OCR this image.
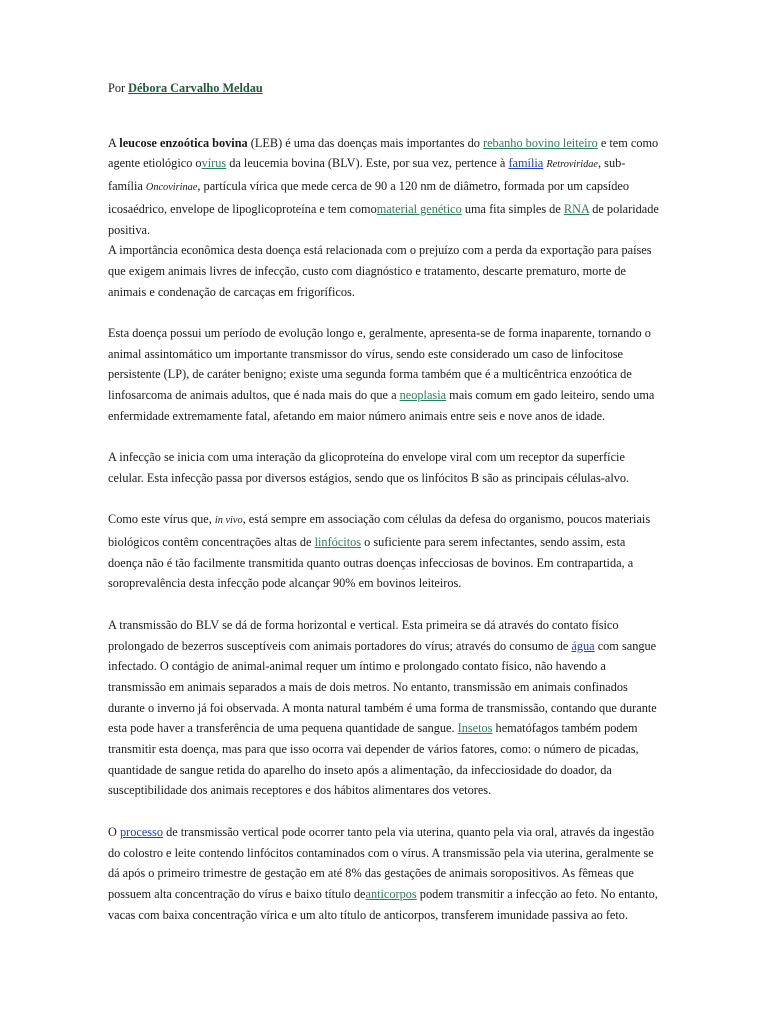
Por Débora Carvalho Meldau

A leucose enzoótica bovina (LEB) é uma das doenças mais importantes do rebanho bovino leiteiro e tem como agente etiológico ovírus da leucemia bovina (BLV). Este, por sua vez, pertence à família Retroviridae, sub-família Oncovirinae, partícula vírica que mede cerca de 90 a 120 nm de diâmetro, formada por um capsídeo icosaédrico, envelope de lipoglicoproteína e tem comomaterial genético uma fita simples de RNA de polaridade positiva.

A importância econômica desta doença está relacionada com o prejuízo com a perda da exportação para países que exigem animais livres de infecção, custo com diagnóstico e tratamento, descarte prematuro, morte de animais e condenação de carcaças em frigoríficos.

Esta doença possui um período de evolução longo e, geralmente, apresenta-se de forma inaparente, tornando o animal assintomático um importante transmissor do vírus, sendo este considerado um caso de linfocitose persistente (LP), de caráter benigno; existe uma segunda forma também que é a multicêntrica enzoótica de linfosarcoma de animais adultos, que é nada mais do que a neoplasia mais comum em gado leiteiro, sendo uma enfermidade extremamente fatal, afetando em maior número animais entre seis e nove anos de idade.

A infecção se inicia com uma interação da glicoproteína do envelope viral com um receptor da superfície celular. Esta infecção passa por diversos estágios, sendo que os linfócitos B são as principais células-alvo.

Como este vírus que, in vivo, está sempre em associação com células da defesa do organismo, poucos materiais biológicos contêm concentrações altas de linfócitos o suficiente para serem infectantes, sendo assim, esta doença não é tão facilmente transmitida quanto outras doenças infecciosas de bovinos. Em contrapartida, a soroprevalência desta infecção pode alcançar 90% em bovinos leiteiros.

A transmissão do BLV se dá de forma horizontal e vertical. Esta primeira se dá através do contato físico prolongado de bezerros susceptíveis com animais portadores do vírus; através do consumo de água com sangue infectado. O contágio de animal-animal requer um íntimo e prolongado contato físico, não havendo a transmissão em animais separados a mais de dois metros. No entanto, transmissão em animais confinados durante o inverno já foi observada. A monta natural também é uma forma de transmissão, contando que durante esta pode haver a transferência de uma pequena quantidade de sangue. Insetos hematófagos também podem transmitir esta doença, mas para que isso ocorra vai depender de vários fatores, como: o número de picadas, quantidade de sangue retida do aparelho do inseto após a alimentação, da infecciosidade do doador, da susceptibilidade dos animais receptores e dos hábitos alimentares dos vetores.

O processo de transmissão vertical pode ocorrer tanto pela via uterina, quanto pela via oral, através da ingestão do colostro e leite contendo linfócitos contaminados com o vírus. A transmissão pela via uterina, geralmente se dá após o primeiro trimestre de gestação em até 8% das gestações de animais soropositivos. As fêmeas que possuem alta concentração do vírus e baixo título deanticorpos podem transmitir a infecção ao feto. No entanto, vacas com baixa concentração vírica e um alto título de anticorpos, transferem imunidade passiva ao feto.
